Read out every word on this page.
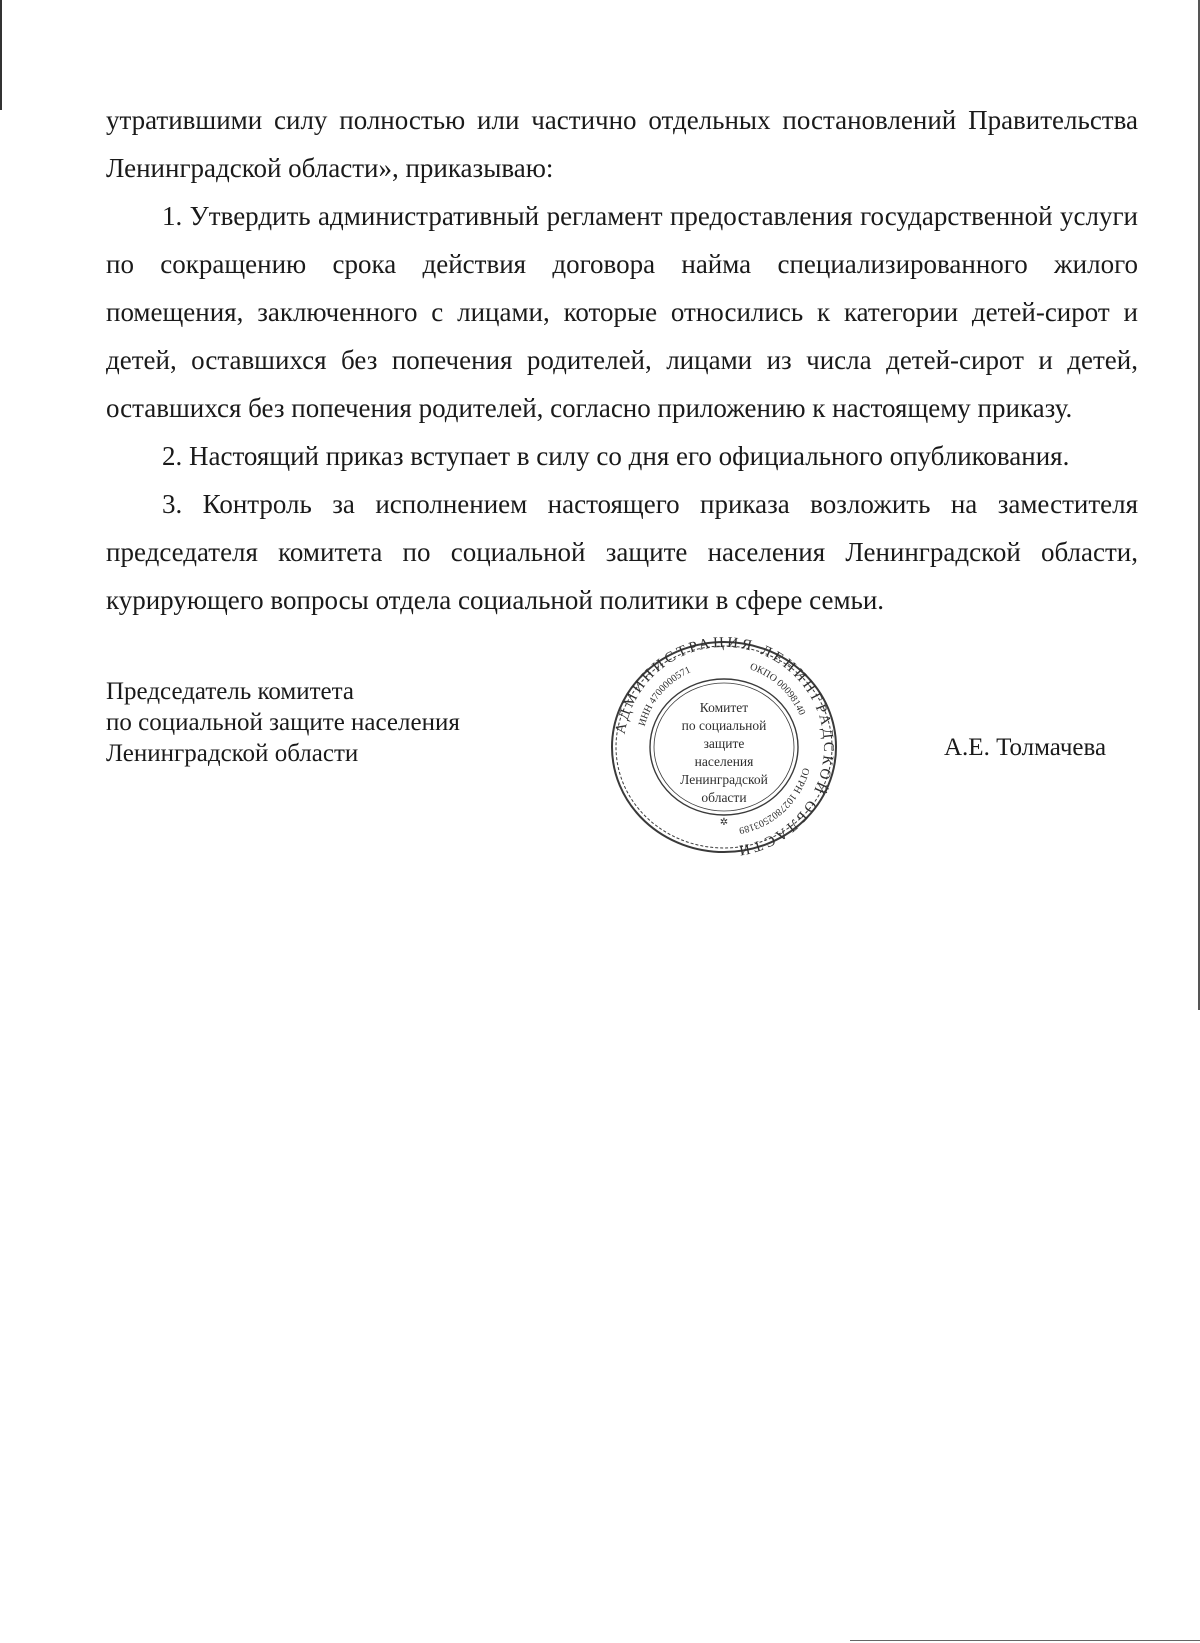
утратившими силу полностью или частично отдельных постановлений Правительства Ленинградской области», приказываю:

1. Утвердить административный регламент предоставления государственной услуги по сокращению срока действия договора найма специализированного жилого помещения, заключенного с лицами, которые относились к категории детей-сирот и детей, оставшихся без попечения родителей, лицами из числа детей-сирот и детей, оставшихся без попечения родителей, согласно приложению к настоящему приказу.

2. Настоящий приказ вступает в силу со дня его официального опубликования.

3. Контроль за исполнением настоящего приказа возложить на заместителя председателя комитета по социальной защите населения Ленинградской области, курирующего вопросы отдела социальной политики в сфере семьи.

Председатель комитета
по социальной защите населения
Ленинградской области
АДМИНИСТРАЦИЯ ЛЕНИНГРАДСКОЙ ОБЛАСТИ
ОКПО 00098140
ОГРН 1027802503189
ИНН 4700000571
Комитет
по социальной
защите
населения
Ленинградской
области
✲
А.Е. Толмачева
